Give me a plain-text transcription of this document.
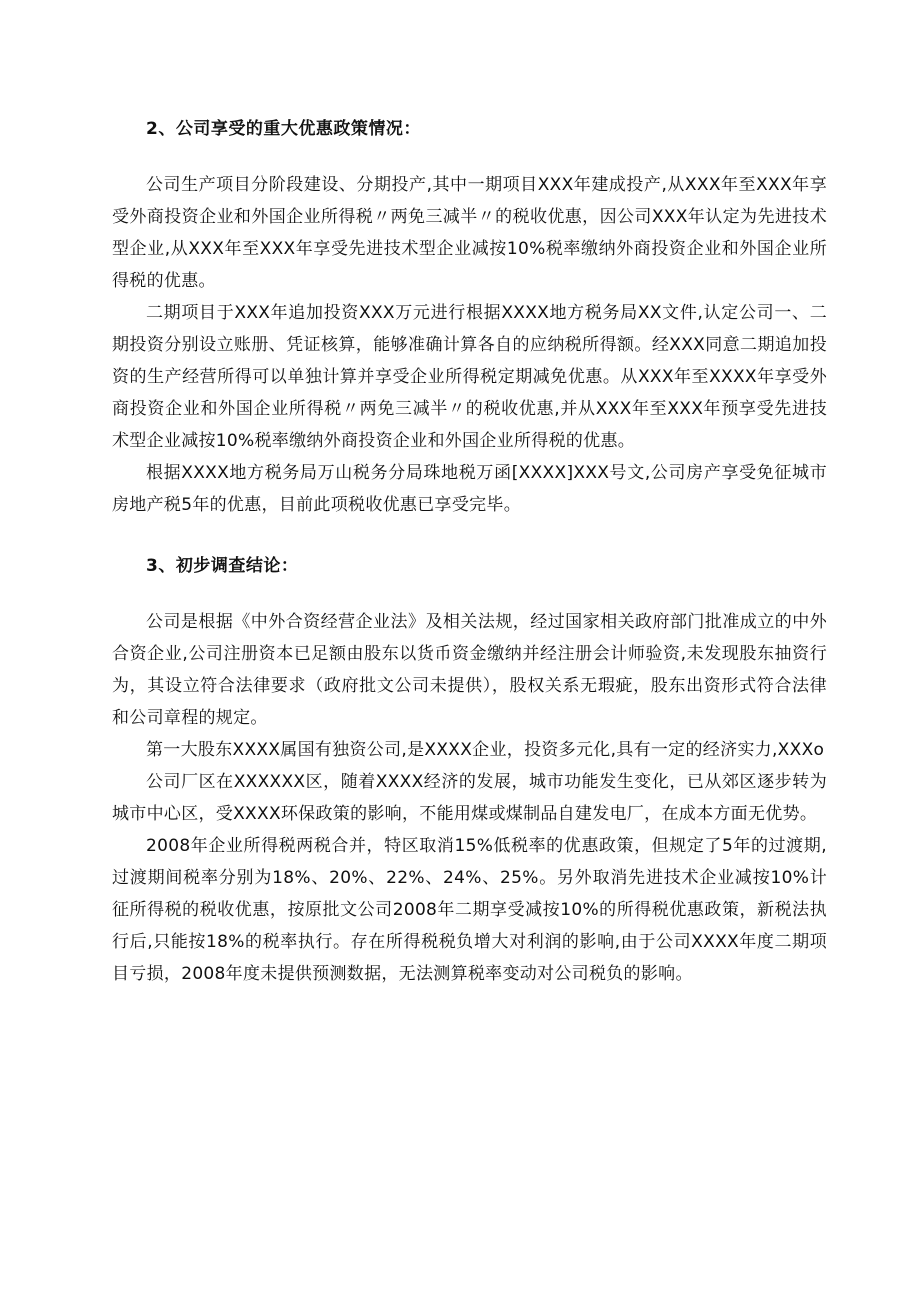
2、公司享受的重大优惠政策情况：

公司生产项目分阶段建设、分期投产,其中一期项目XXX年建成投产,从XXX年至XXX年享受外商投资企业和外国企业所得税〃两免三减半〃的税收优惠，因公司XXX年认定为先进技术型企业,从XXX年至XXX年享受先进技术型企业减按10%税率缴纳外商投资企业和外国企业所得税的优惠。

二期项目于XXX年追加投资XXX万元进行根据XXXX地方税务局XX文件,认定公司一、二期投资分别设立账册、凭证核算，能够准确计算各自的应纳税所得额。经XXX同意二期追加投资的生产经营所得可以单独计算并享受企业所得税定期减免优惠。从XXX年至XXXX年享受外商投资企业和外国企业所得税〃两免三减半〃的税收优惠,并从XXX年至XXX年预享受先进技术型企业减按10%税率缴纳外商投资企业和外国企业所得税的优惠。

根据XXXX地方税务局万山税务分局珠地税万函[XXXX]XXX号文,公司房产享受免征城市房地产税5年的优惠，目前此项税收优惠已享受完毕。

3、初步调查结论：

公司是根据《中外合资经营企业法》及相关法规，经过国家相关政府部门批准成立的中外合资企业,公司注册资本已足额由股东以货币资金缴纳并经注册会计师验资,未发现股东抽资行为，其设立符合法律要求（政府批文公司未提供），股权关系无瑕疵，股东出资形式符合法律和公司章程的规定。

第一大股东XXXX属国有独资公司,是XXXX企业，投资多元化,具有一定的经济实力,XXXo

公司厂区在XXXXXX区，随着XXXX经济的发展，城市功能发生变化，已从郊区逐步转为城市中心区，受XXXX环保政策的影响，不能用煤或煤制品自建发电厂，在成本方面无优势。

2008年企业所得税两税合并，特区取消15%低税率的优惠政策，但规定了5年的过渡期,过渡期间税率分别为18%、20%、22%、24%、25%。另外取消先进技术企业减按10%计征所得税的税收优惠，按原批文公司2008年二期享受减按10%的所得税优惠政策，新税法执行后,只能按18%的税率执行。存在所得税税负增大对利润的影响,由于公司XXXX年度二期项目亏损，2008年度未提供预测数据，无法测算税率变动对公司税负的影响。
